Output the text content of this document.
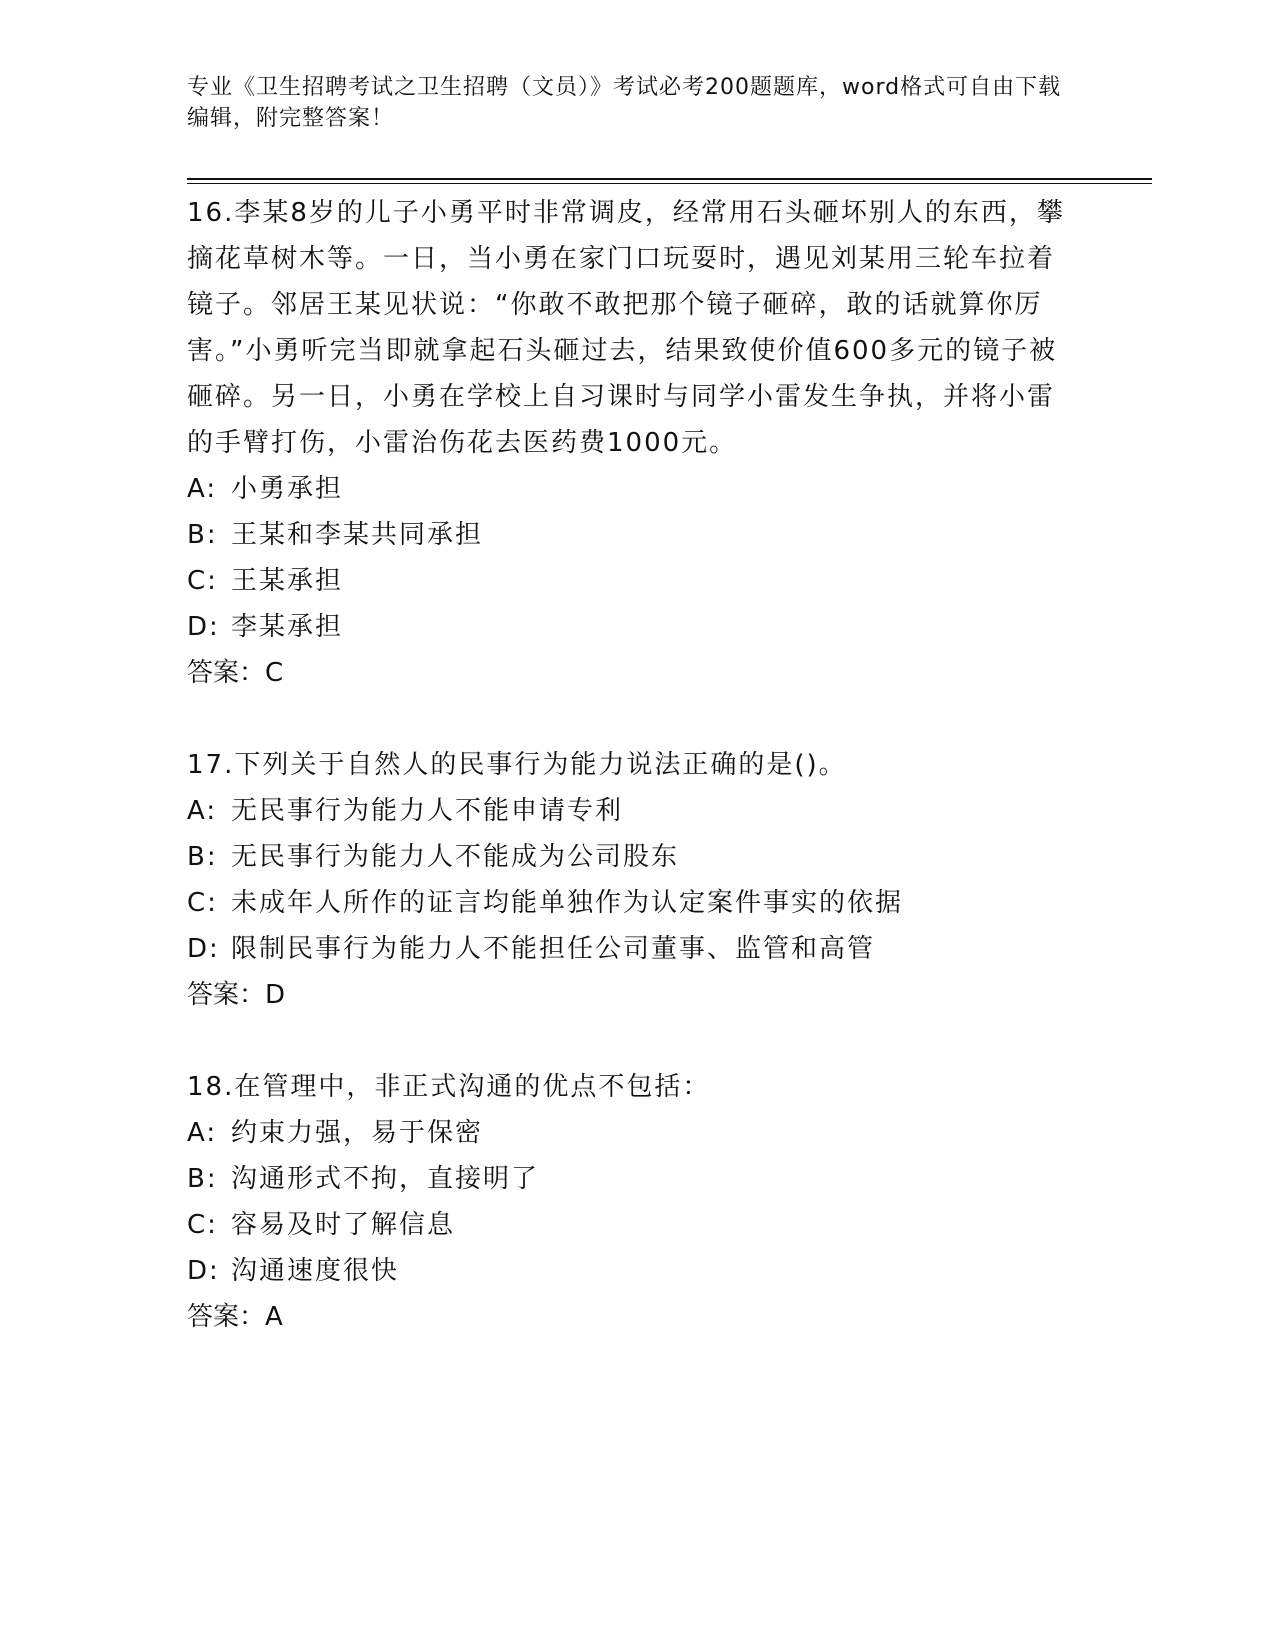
专业《卫生招聘考试之卫生招聘（文员）》考试必考200题题库，word格式可自由下载编辑，附完整答案！

16.李某8岁的儿子小勇平时非常调皮，经常用石头砸坏别人的东西，攀摘花草树木等。一日，当小勇在家门口玩耍时，遇见刘某用三轮车拉着镜子。邻居王某见状说：“你敢不敢把那个镜子砸碎，敢的话就算你厉害。”小勇听完当即就拿起石头砸过去，结果致使价值600多元的镜子被砸碎。另一日，小勇在学校上自习课时与同学小雷发生争执，并将小雷的手臂打伤，小雷治伤花去医药费1000元。

A: 小勇承担

B: 王某和李某共同承担

C: 王某承担

D: 李某承担

答案：C

17.下列关于自然人的民事行为能力说法正确的是()。

A: 无民事行为能力人不能申请专利

B: 无民事行为能力人不能成为公司股东

C: 未成年人所作的证言均能单独作为认定案件事实的依据

D: 限制民事行为能力人不能担任公司董事、监管和高管

答案：D

18.在管理中，非正式沟通的优点不包括：

A: 约束力强，易于保密

B: 沟通形式不拘，直接明了

C: 容易及时了解信息

D: 沟通速度很快

答案：A
